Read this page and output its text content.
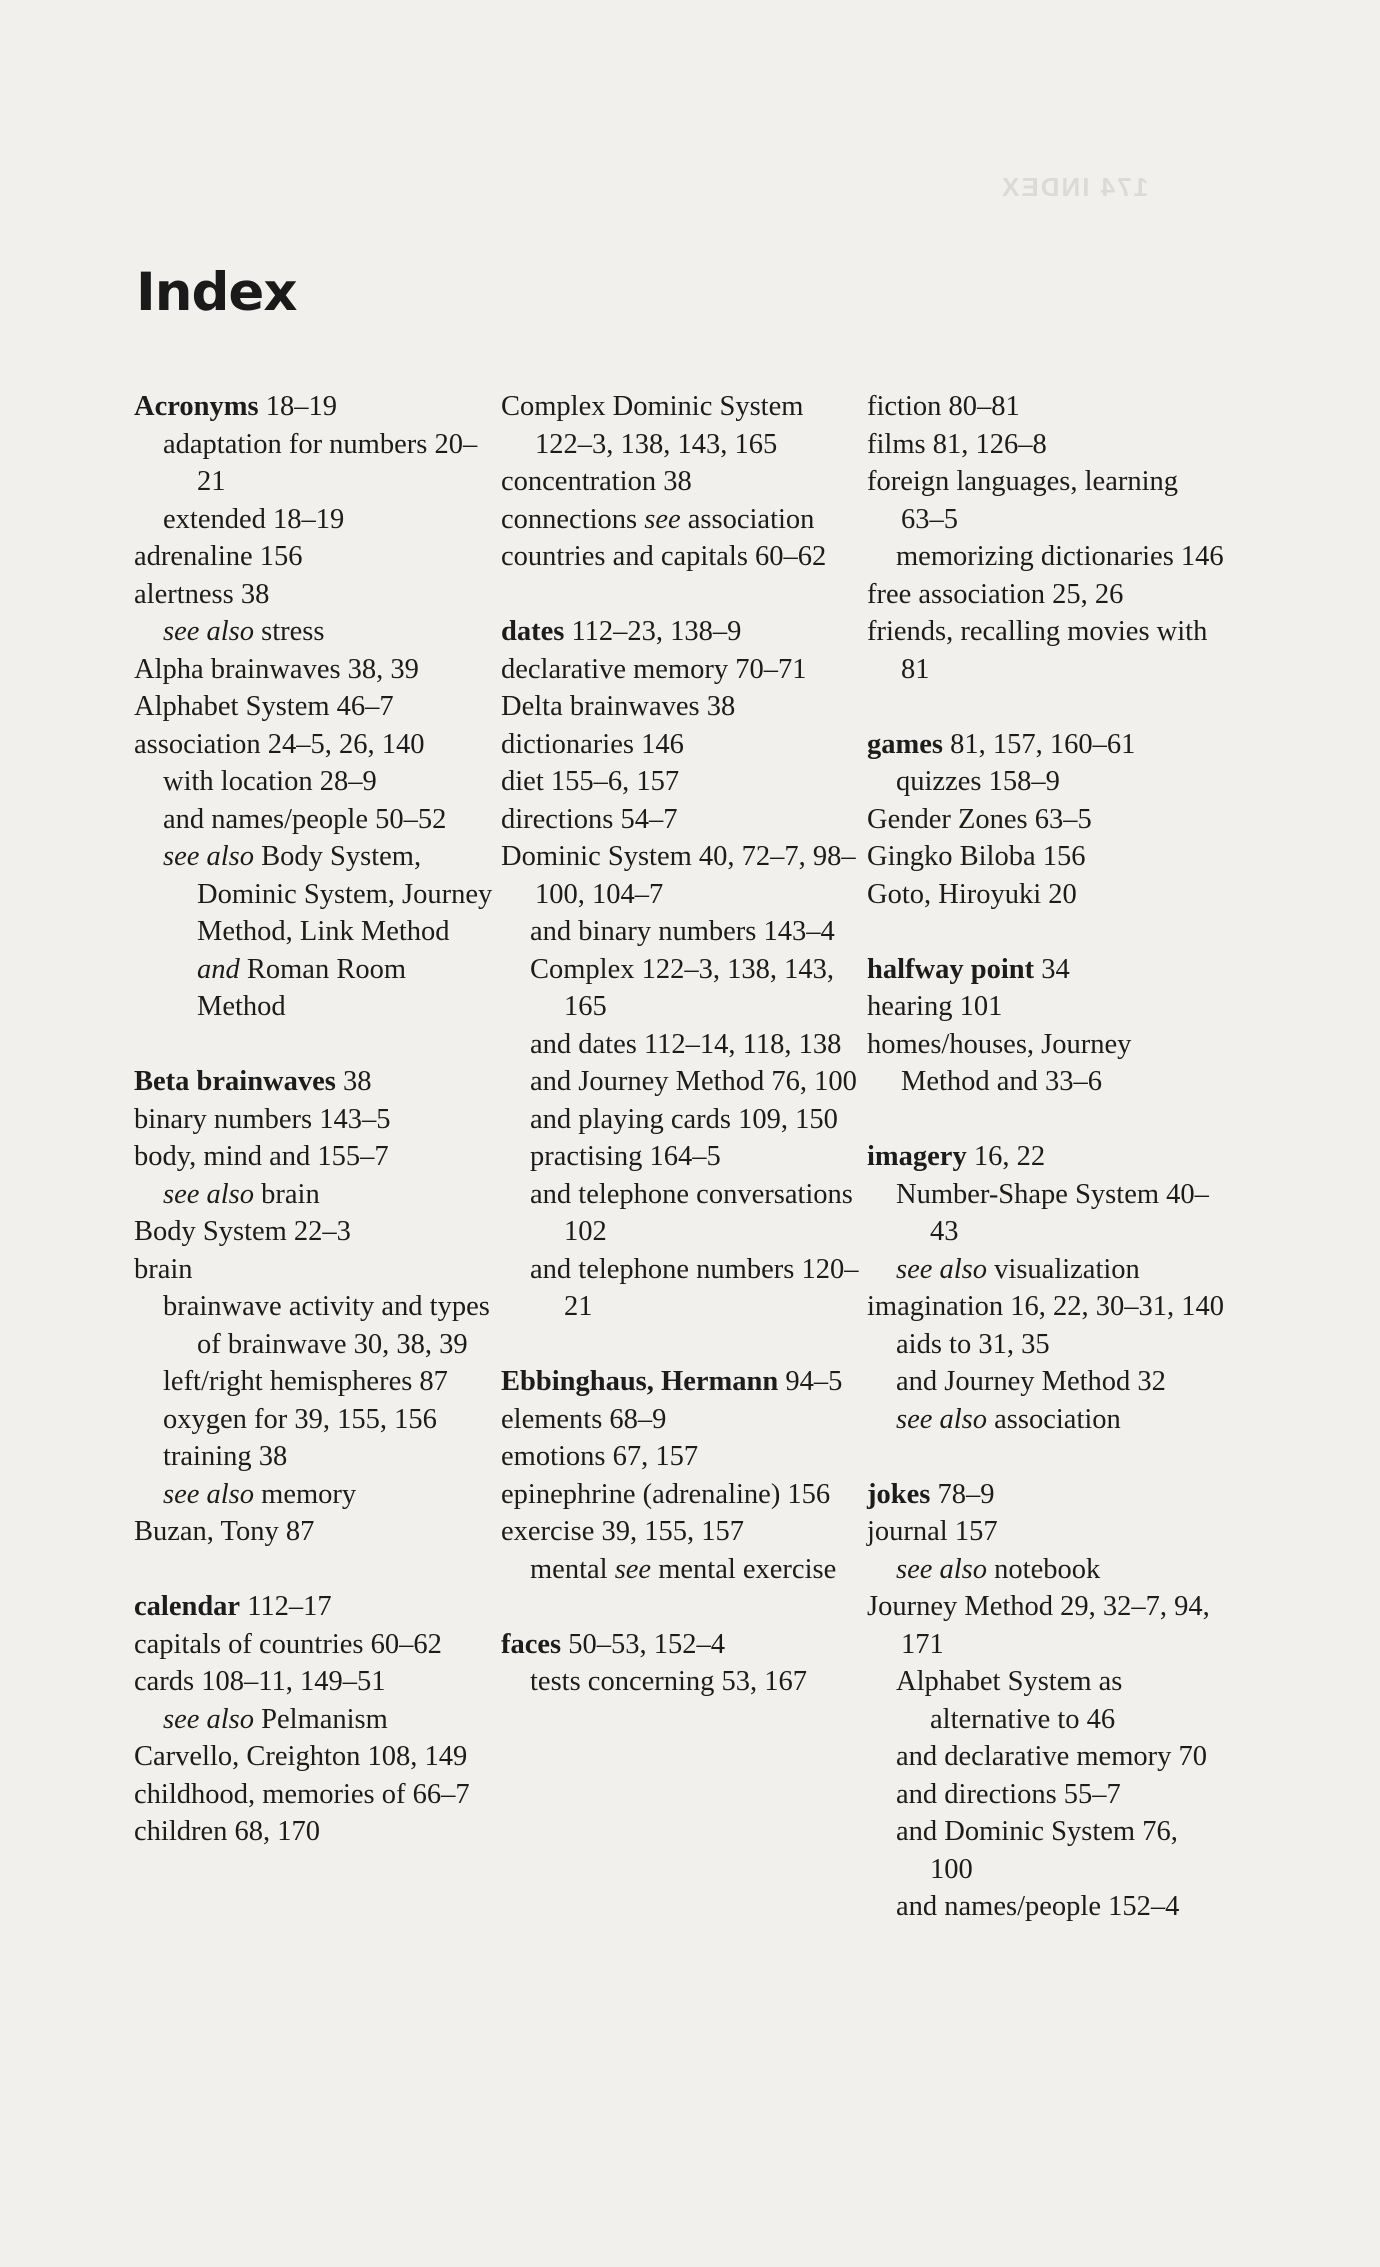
174 INDEX
Index
Acronyms 18–19
adaptation for numbers 20–21
extended 18–19
adrenaline 156
alertness 38
see also stress
Alpha brainwaves 38, 39
Alphabet System 46–7
association 24–5, 26, 140
with location 28–9
and names/people 50–52
see also Body System, Dominic System, Journey Method, Link Method and Roman Room Method
Beta brainwaves 38
binary numbers 143–5
body, mind and 155–7
see also brain
Body System 22–3
brain
brainwave activity and types of brainwave 30, 38, 39
left/right hemispheres 87
oxygen for 39, 155, 156
training 38
see also memory
Buzan, Tony 87
calendar 112–17
capitals of countries 60–62
cards 108–11, 149–51
see also Pelmanism
Carvello, Creighton 108, 149
childhood, memories of 66–7
children 68, 170
Complex Dominic System 122–3, 138, 143, 165
concentration 38
connections see association
countries and capitals 60–62
dates 112–23, 138–9
declarative memory 70–71
Delta brainwaves 38
dictionaries 146
diet 155–6, 157
directions 54–7
Dominic System 40, 72–7, 98–100, 104–7
and binary numbers 143–4
Complex 122–3, 138, 143, 165
and dates 112–14, 118, 138
and Journey Method 76, 100
and playing cards 109, 150
practising 164–5
and telephone conversations 102
and telephone numbers 120–21
Ebbinghaus, Hermann 94–5
elements 68–9
emotions 67, 157
epinephrine (adrenaline) 156
exercise 39, 155, 157
mental see mental exercise
faces 50–53, 152–4
tests concerning 53, 167
fiction 80–81
films 81, 126–8
foreign languages, learning 63–5
memorizing dictionaries 146
free association 25, 26
friends, recalling movies with 81
games 81, 157, 160–61
quizzes 158–9
Gender Zones 63–5
Gingko Biloba 156
Goto, Hiroyuki 20
halfway point 34
hearing 101
homes/houses, Journey Method and 33–6
imagery 16, 22
Number-Shape System 40–43
see also visualization
imagination 16, 22, 30–31, 140
aids to 31, 35
and Journey Method 32
see also association
jokes 78–9
journal 157
see also notebook
Journey Method 29, 32–7, 94, 171
Alphabet System as alternative to 46
and declarative memory 70
and directions 55–7
and Dominic System 76, 100
and names/people 152–4
